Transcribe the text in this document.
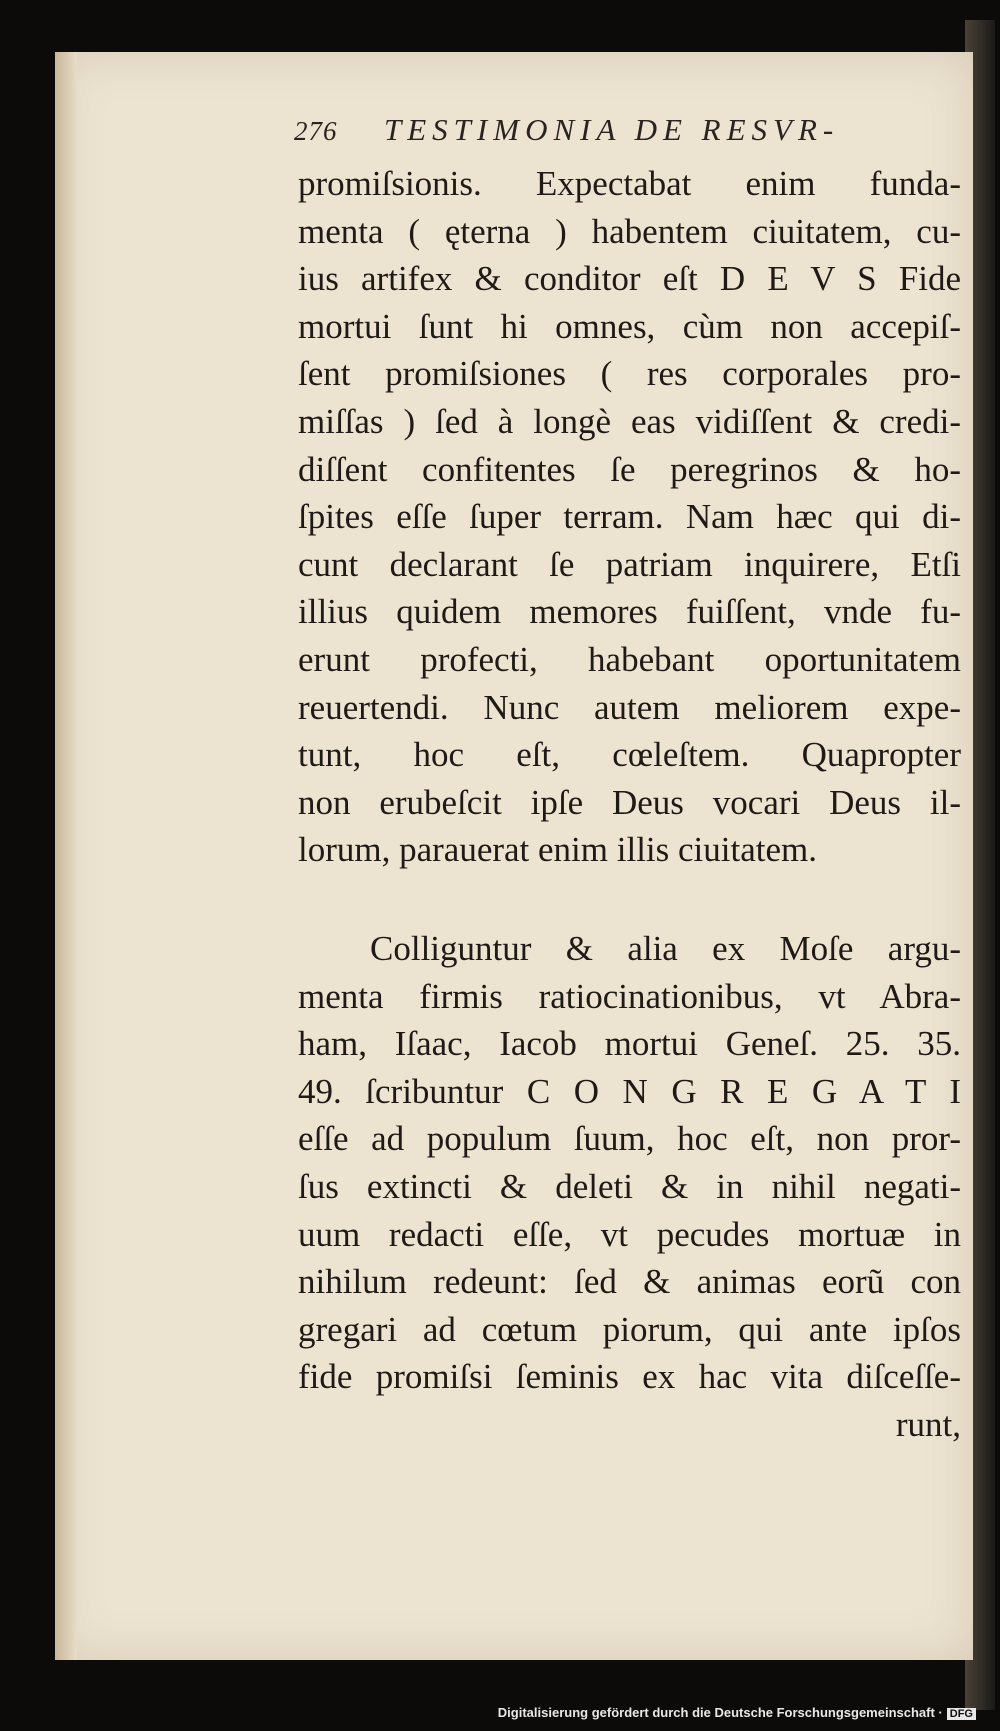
276 TESTIMONIA DE RESVR-
promiſsionis. Expectabat enim funda-
menta ( ęterna ) habentem ciuitatem, cu-
ius artifex & conditor eſt D E V S Fide
mortui ſunt hi omnes, cùm non accepiſ-
ſent promiſsiones ( res corporales pro-
miſſas ) ſed à longè eas vidiſſent & credi-
diſſent confitentes ſe peregrinos & ho-
ſpites eſſe ſuper terram. Nam hæc qui di-
cunt declarant ſe patriam inquirere, Etſi
illius quidem memores fuiſſent, vnde fu-
erunt profecti, habebant oportunitatem
reuertendi. Nunc autem meliorem expe-
tunt, hoc eſt, cœleſtem. Quapropter
non erubeſcit ipſe Deus vocari Deus il-
lorum, parauerat enim illis ciuitatem.
Colliguntur & alia ex Moſe argu-
menta firmis ratiocinationibus, vt Abra-
ham, Iſaac, Iacob mortui Geneſ. 25. 35.
49. ſcribuntur C O N G R E G A T I
eſſe ad populum ſuum, hoc eſt, non pror-
ſus extincti & deleti & in nihil negati-
uum redacti eſſe, vt pecudes mortuæ in
nihilum redeunt: ſed & animas eorũ con
gregari ad cœtum piorum, qui ante ipſos
fide promiſsi ſeminis ex hac vita diſceſſe-
runt,
Digitalisierung gefördert durch die Deutsche Forschungsgemeinschaft · DFG
